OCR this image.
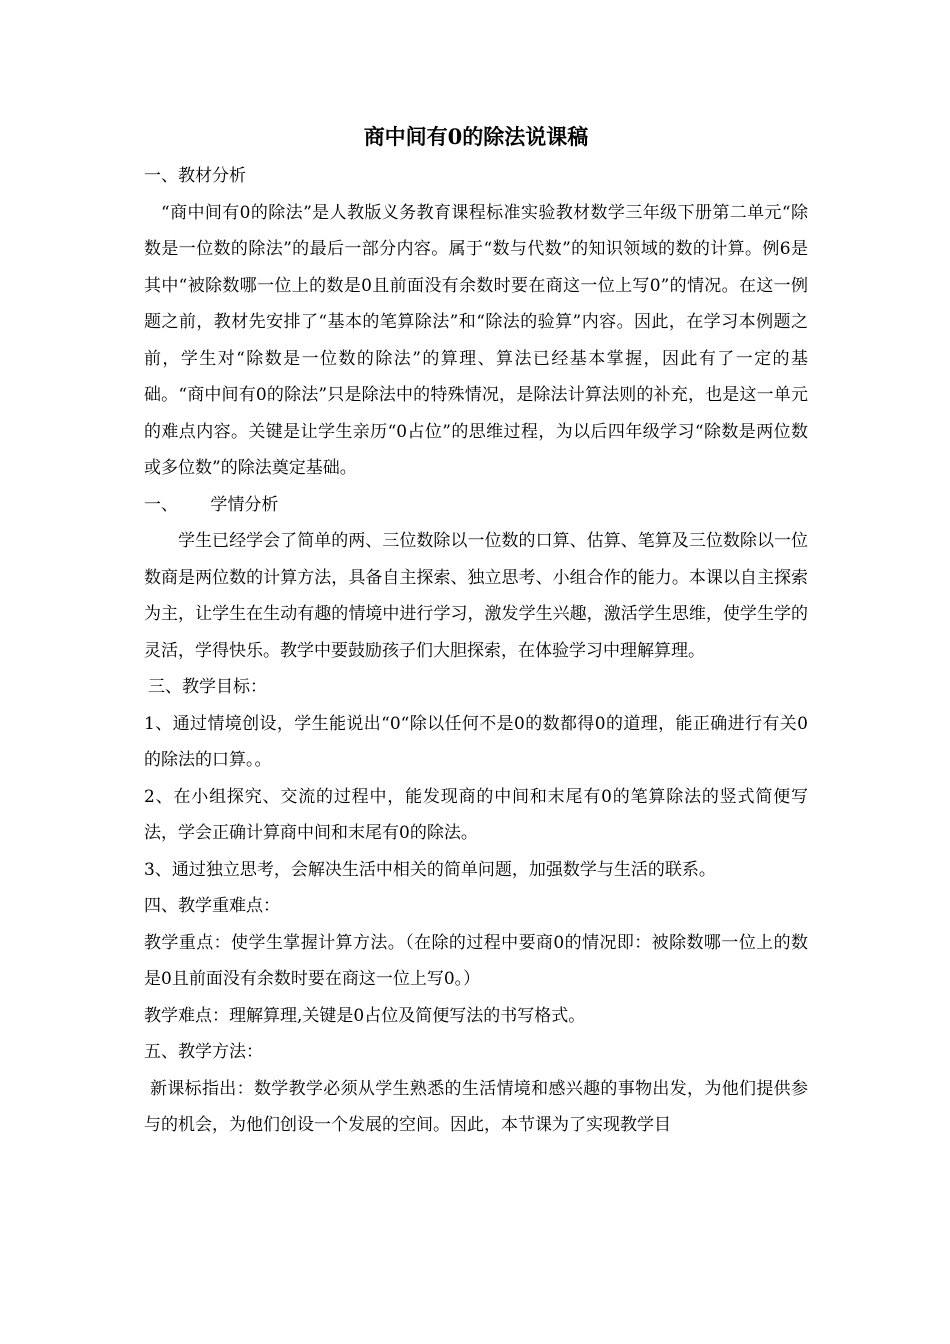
商中间有0的除法说课稿

一、教材分析

“商中间有0的除法”是人教版义务教育课程标准实验教材数学三年级下册第二单元“除数是一位数的除法”的最后一部分内容。属于“数与代数”的知识领域的数的计算。例6是其中“被除数哪一位上的数是0且前面没有余数时要在商这一位上写0”的情况。在这一例题之前，教材先安排了“基本的笔算除法”和“除法的验算”内容。因此，在学习本例题之前，学生对“除数是一位数的除法”的算理、算法已经基本掌握，因此有了一定的基础。“商中间有0的除法”只是除法中的特殊情况，是除法计算法则的补充，也是这一单元的难点内容。关键是让学生亲历“0占位”的思维过程，为以后四年级学习“除数是两位数或多位数”的除法奠定基础。

一、      学情分析

学生已经学会了简单的两、三位数除以一位数的口算、估算、笔算及三位数除以一位数商是两位数的计算方法，具备自主探索、独立思考、小组合作的能力。本课以自主探索为主，让学生在生动有趣的情境中进行学习，激发学生兴趣，激活学生思维，使学生学的灵活，学得快乐。教学中要鼓励孩子们大胆探索，在体验学习中理解算理。

三、教学目标：

1、通过情境创设，学生能说出“0“除以任何不是0的数都得0的道理，能正确进行有关0的除法的口算。。

2、在小组探究、交流的过程中，能发现商的中间和末尾有0的笔算除法的竖式简便写法，学会正确计算商中间和末尾有0的除法。

3、通过独立思考，会解决生活中相关的简单问题，加强数学与生活的联系。

四、教学重难点：

教学重点：使学生掌握计算方法。（在除的过程中要商0的情况即：被除数哪一位上的数是0且前面没有余数时要在商这一位上写0。）

教学难点：理解算理,关键是0占位及简便写法的书写格式。

五、教学方法：

新课标指出：数学教学必须从学生熟悉的生活情境和感兴趣的事物出发，为他们提供参与的机会，为他们创设一个发展的空间。因此，本节课为了实现教学目
